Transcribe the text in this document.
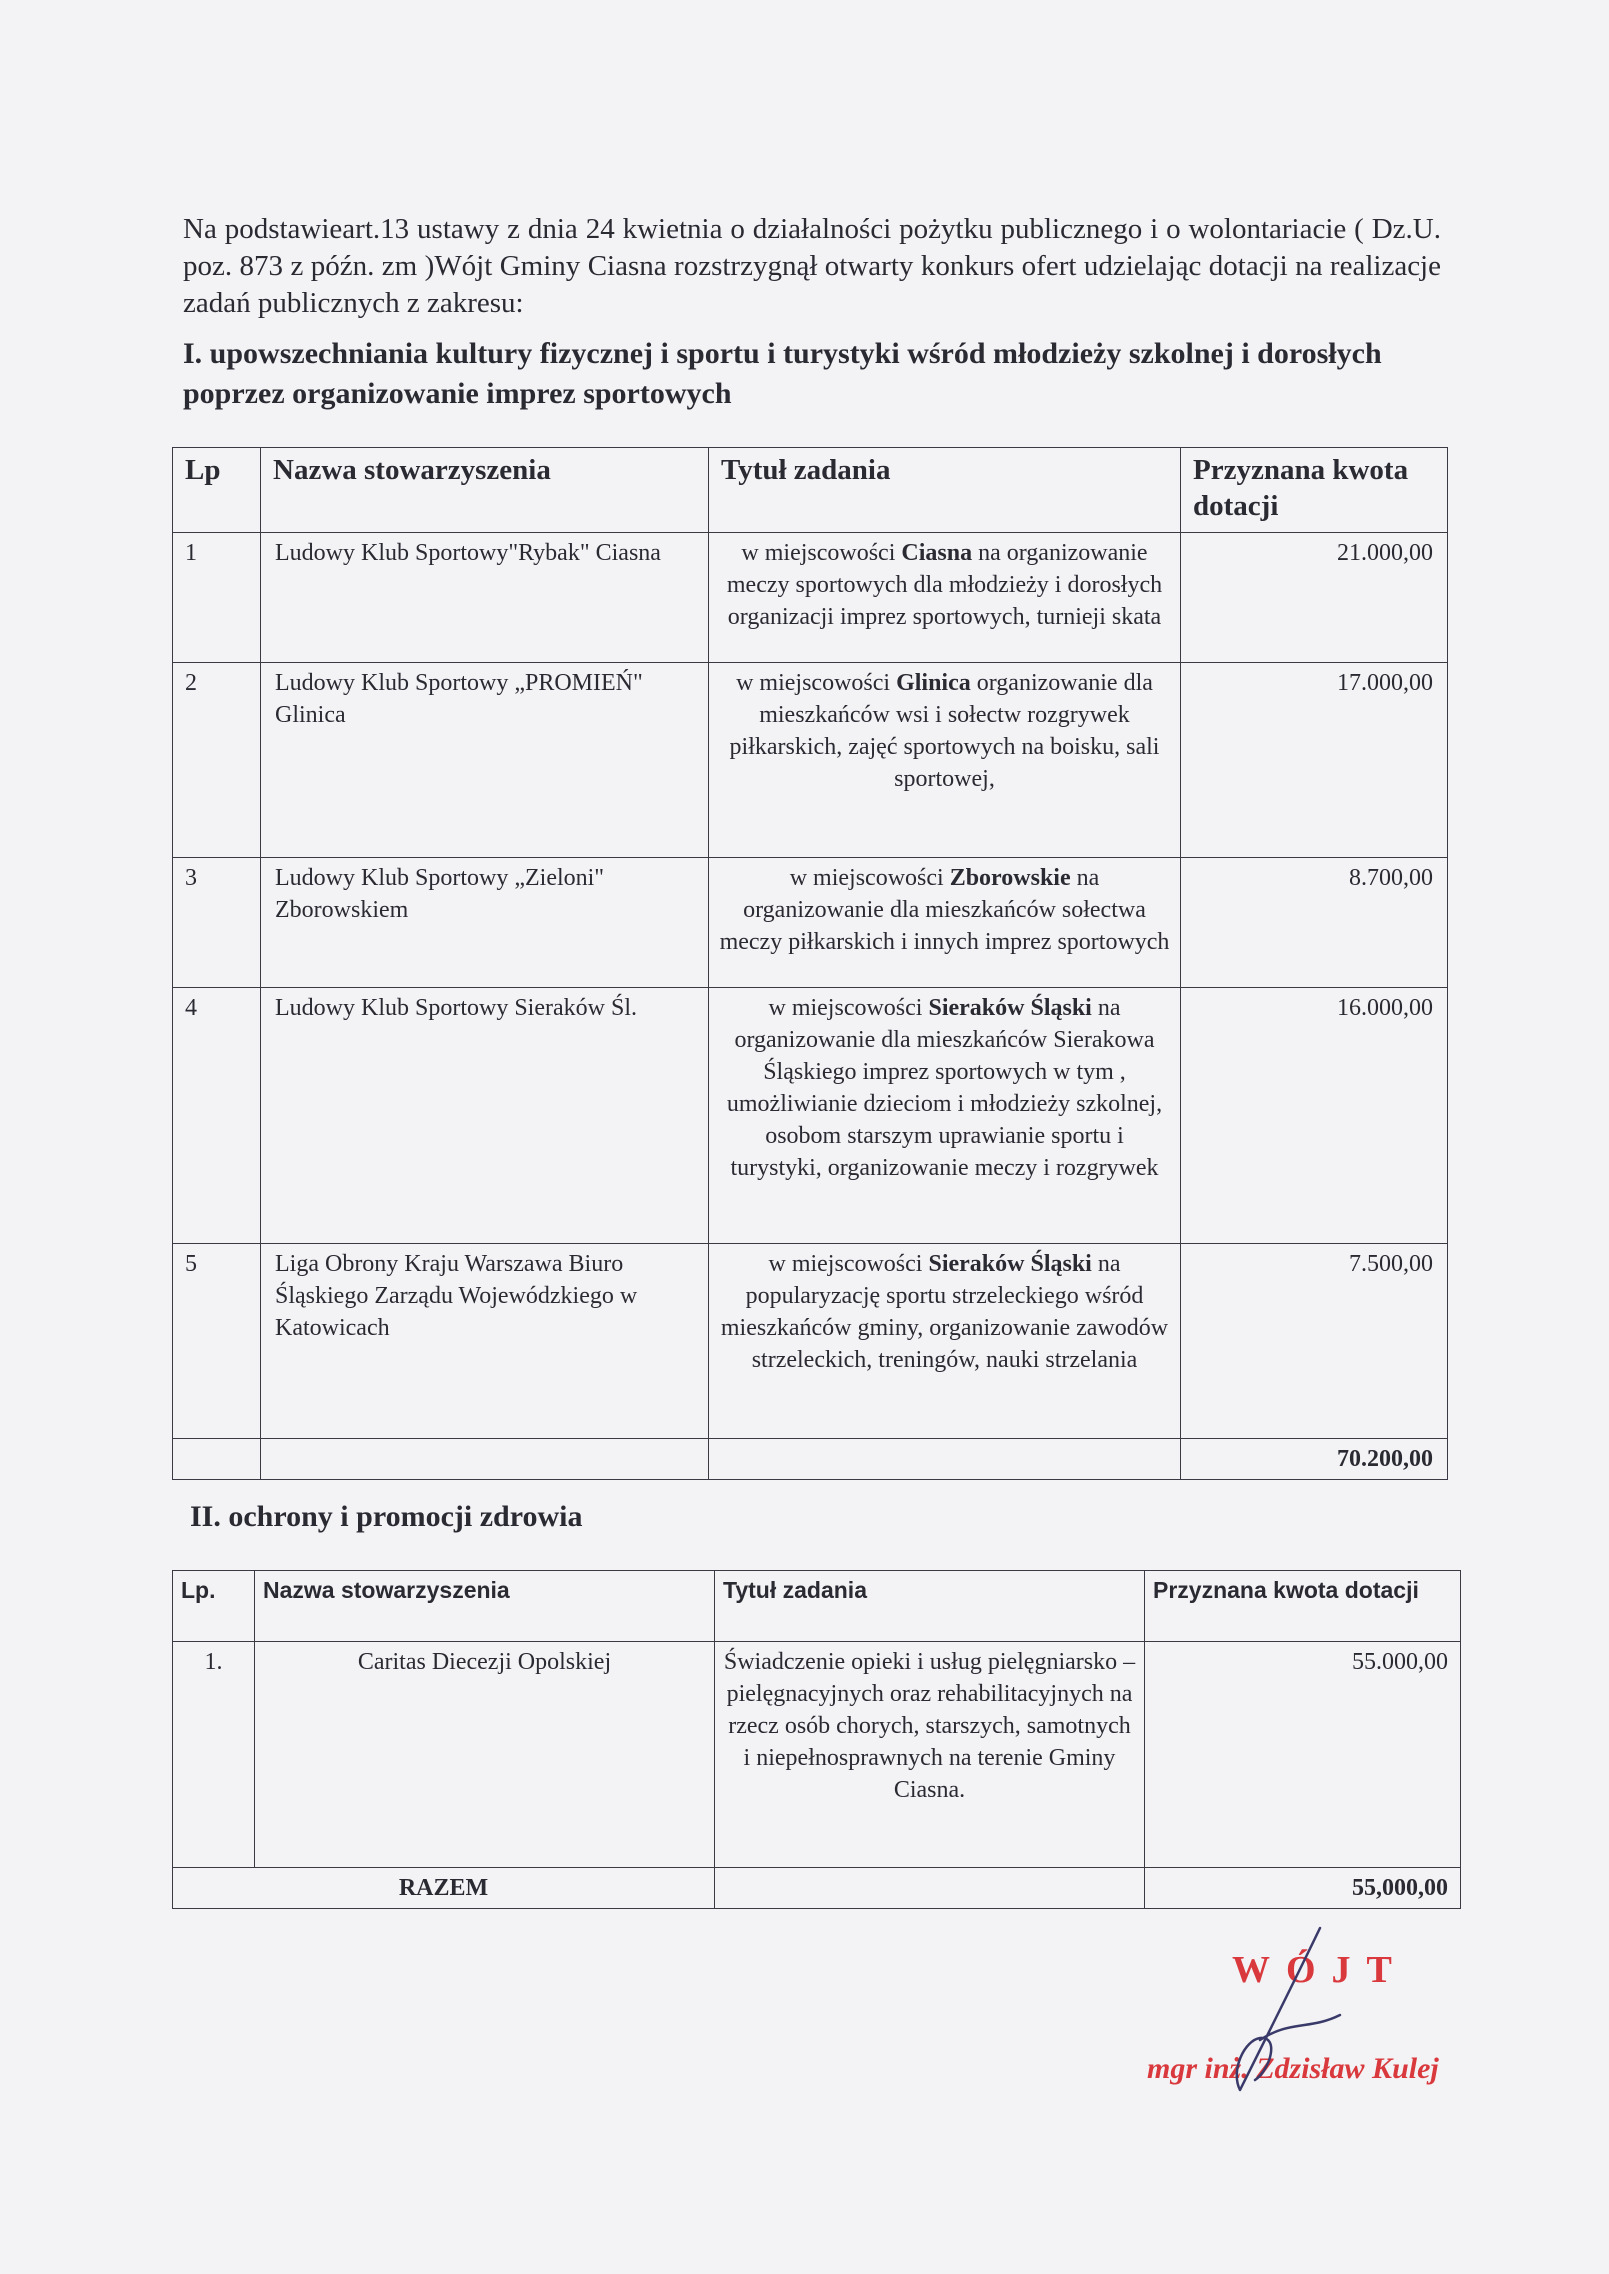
Na podstawieart.13 ustawy z dnia 24 kwietnia o działalności pożytku publicznego i o wolontariacie ( Dz.U. poz. 873 z późn. zm )Wójt Gminy Ciasna rozstrzygnął otwarty konkurs ofert udzielając dotacji na realizacje zadań publicznych z zakresu:

I. upowszechniania kultury fizycznej i sportu i turystyki wśród młodzieży szkolnej i dorosłych poprzez organizowanie imprez sportowych
Lp	Nazwa stowarzyszenia	Tytuł zadania	Przyznana kwota dotacji
1	Ludowy Klub Sportowy"Rybak" Ciasna	w miejscowości Ciasna na organizowanie meczy sportowych dla młodzieży i dorosłych organizacji imprez sportowych, turnieji skata	21.000,00
2	Ludowy Klub Sportowy „PROMIEŃ" Glinica	w miejscowości Glinica organizowanie dla mieszkańców wsi i sołectw rozgrywek piłkarskich, zajęć sportowych na boisku, sali sportowej,	17.000,00
3	Ludowy Klub Sportowy „Zieloni" Zborowskiem	w miejscowości Zborowskie na organizowanie dla mieszkańców sołectwa meczy piłkarskich i innych imprez sportowych	8.700,00
4	Ludowy Klub Sportowy Sieraków Śl.	w miejscowości Sieraków Śląski na organizowanie dla mieszkańców Sierakowa Śląskiego imprez sportowych w tym , umożliwianie dzieciom i młodzieży szkolnej, osobom starszym uprawianie sportu i turystyki, organizowanie meczy i rozgrywek	16.000,00
5	Liga Obrony Kraju Warszawa Biuro Śląskiego Zarządu Wojewódzkiego w Katowicach	w miejscowości Sieraków Śląski na popularyzację sportu strzeleckiego wśród mieszkańców gminy, organizowanie zawodów strzeleckich, treningów, nauki strzelania	7.500,00
			70.200,00
II. ochrony i promocji zdrowia
Lp.	Nazwa stowarzyszenia	Tytuł zadania	Przyznana kwota dotacji
1.	Caritas Diecezji Opolskiej	Świadczenie opieki i usług pielęgniarsko – pielęgnacyjnych oraz rehabilitacyjnych na rzecz osób chorych, starszych, samotnych i niepełnosprawnych na terenie Gminy Ciasna.	55.000,00
RAZEM			55,000,00
WÓJT
mgr inż. Zdzisław Kulej
